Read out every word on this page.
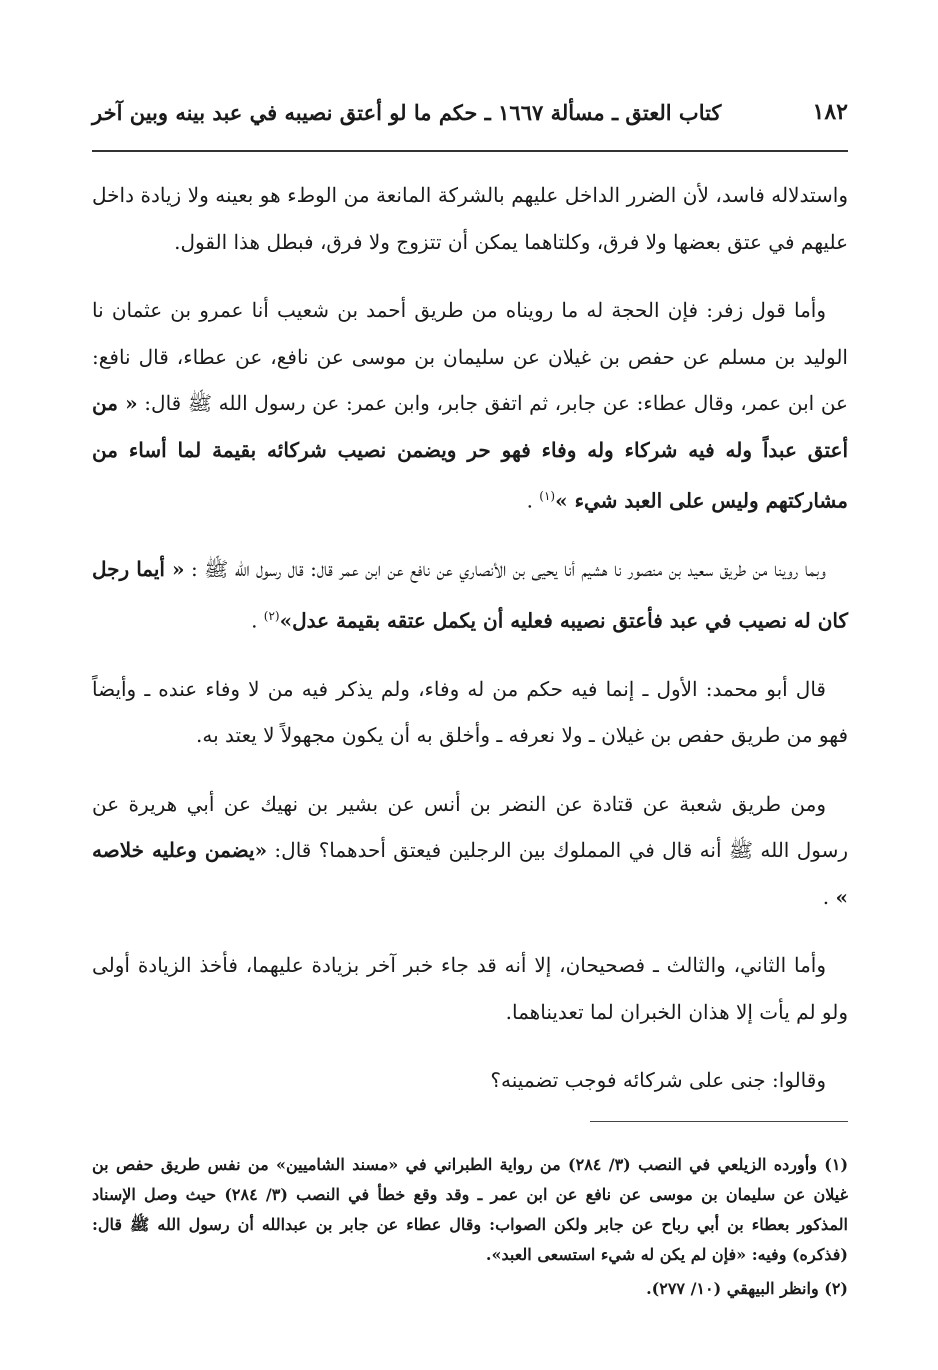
١٨٢
كتاب العتق ـ مسألة ١٦٦٧ ـ حكم ما لو أعتق نصيبه في عبد بينه وبين آخر

واستدلاله فاسد، لأن الضرر الداخل عليهم بالشركة المانعة من الوطء هو بعينه ولا زيادة داخل عليهم في عتق بعضها ولا فرق، وكلتاهما يمكن أن تتزوج ولا فرق، فبطل هذا القول.

وأما قول زفر: فإن الحجة له ما رويناه من طريق أحمد بن شعيب أنا عمرو بن عثمان نا الوليد بن مسلم عن حفص بن غيلان عن سليمان بن موسى عن نافع، عن عطاء، قال نافع: عن ابن عمر، وقال عطاء: عن جابر، ثم اتفق جابر، وابن عمر: عن رسول الله ﷺ قال: « من أعتق عبداً وله فيه شركاء وله وفاء فهو حر ويضمن نصيب شركائه بقيمة لما أساء من مشاركتهم وليس على العبد شيء »$^{(١)}$ .

وبما روينا من طريق سعيد بن منصور نا هشيم أنا يحيى بن الأنصاري عن نافع عن ابن عمر قال: قال رسول الله ﷺ : « أيما رجل كان له نصيب في عبد فأعتق نصيبه فعليه أن يكمل عتقه بقيمة عدل»$^{(٢)}$ .

قال أبو محمد: الأول ـ إنما فيه حكم من له وفاء، ولم يذكر فيه من لا وفاء عنده ـ وأيضاً فهو من طريق حفص بن غيلان ـ ولا نعرفه ـ وأخلق به أن يكون مجهولاً لا يعتد به.

ومن طريق شعبة عن قتادة عن النضر بن أنس عن بشير بن نهيك عن أبي هريرة عن رسول الله ﷺ أنه قال في المملوك بين الرجلين فيعتق أحدهما؟ قال: «يضمن وعليه خلاصه » .

وأما الثاني، والثالث ـ فصحيحان، إلا أنه قد جاء خبر آخر بزيادة عليهما، فأخذ الزيادة أولى ولو لم يأت إلا هذان الخبران لما تعديناهما.

وقالوا: جنى على شركائه فوجب تضمينه؟

(١) وأورده الزيلعي في النصب (٣/ ٢٨٤) من رواية الطبراني في «مسند الشاميين» من نفس طريق حفص بن غيلان عن سليمان بن موسى عن نافع عن ابن عمر ـ وقد وقع خطأ في النصب (٣/ ٢٨٤) حيث وصل الإسناد المذكور بعطاء بن أبي رباح عن جابر ولكن الصواب: وقال عطاء عن جابر بن عبدالله أن رسول الله ﷺ قال: (فذكره) وفيه: «فإن لم يكن له شيء استسعى العبد».

(٢) وانظر البيهقي (١٠/ ٢٧٧).
